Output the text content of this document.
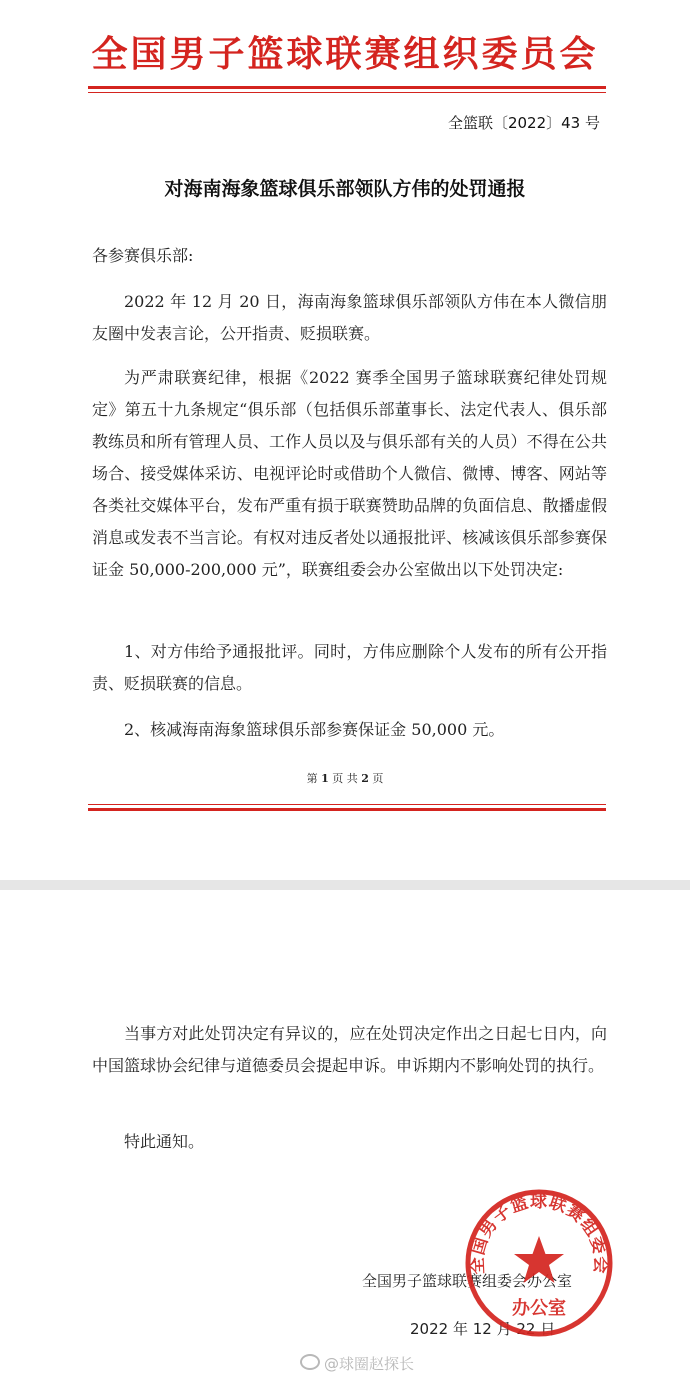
全国男子篮球联赛组织委员会
全篮联〔2022〕43 号
对海南海象篮球俱乐部领队方伟的处罚通报
各参赛俱乐部:
2022 年 12 月 20 日，海南海象篮球俱乐部领队方伟在本人微信朋友圈中发表言论，公开指责、贬损联赛。
为严肃联赛纪律，根据《2022 赛季全国男子篮球联赛纪律处罚规定》第五十九条规定“俱乐部（包括俱乐部董事长、法定代表人、俱乐部教练员和所有管理人员、工作人员以及与俱乐部有关的人员）不得在公共场合、接受媒体采访、电视评论时或借助个人微信、微博、博客、网站等各类社交媒体平台，发布严重有损于联赛赞助品牌的负面信息、散播虚假消息或发表不当言论。有权对违反者处以通报批评、核减该俱乐部参赛保证金 50,000-200,000 元”，联赛组委会办公室做出以下处罚决定:
1、对方伟给予通报批评。同时，方伟应删除个人发布的所有公开指责、贬损联赛的信息。
2、核减海南海象篮球俱乐部参赛保证金 50,000 元。
第 1 页 共 2 页
当事方对此处罚决定有异议的，应在处罚决定作出之日起七日内，向中国篮球协会纪律与道德委员会提起申诉。申诉期内不影响处罚的执行。
特此通知。
全国男子篮球联赛组委会办公室
2022 年 12 月 22 日
全国男子篮球联赛组委会
办公室
@球圈赵探长
